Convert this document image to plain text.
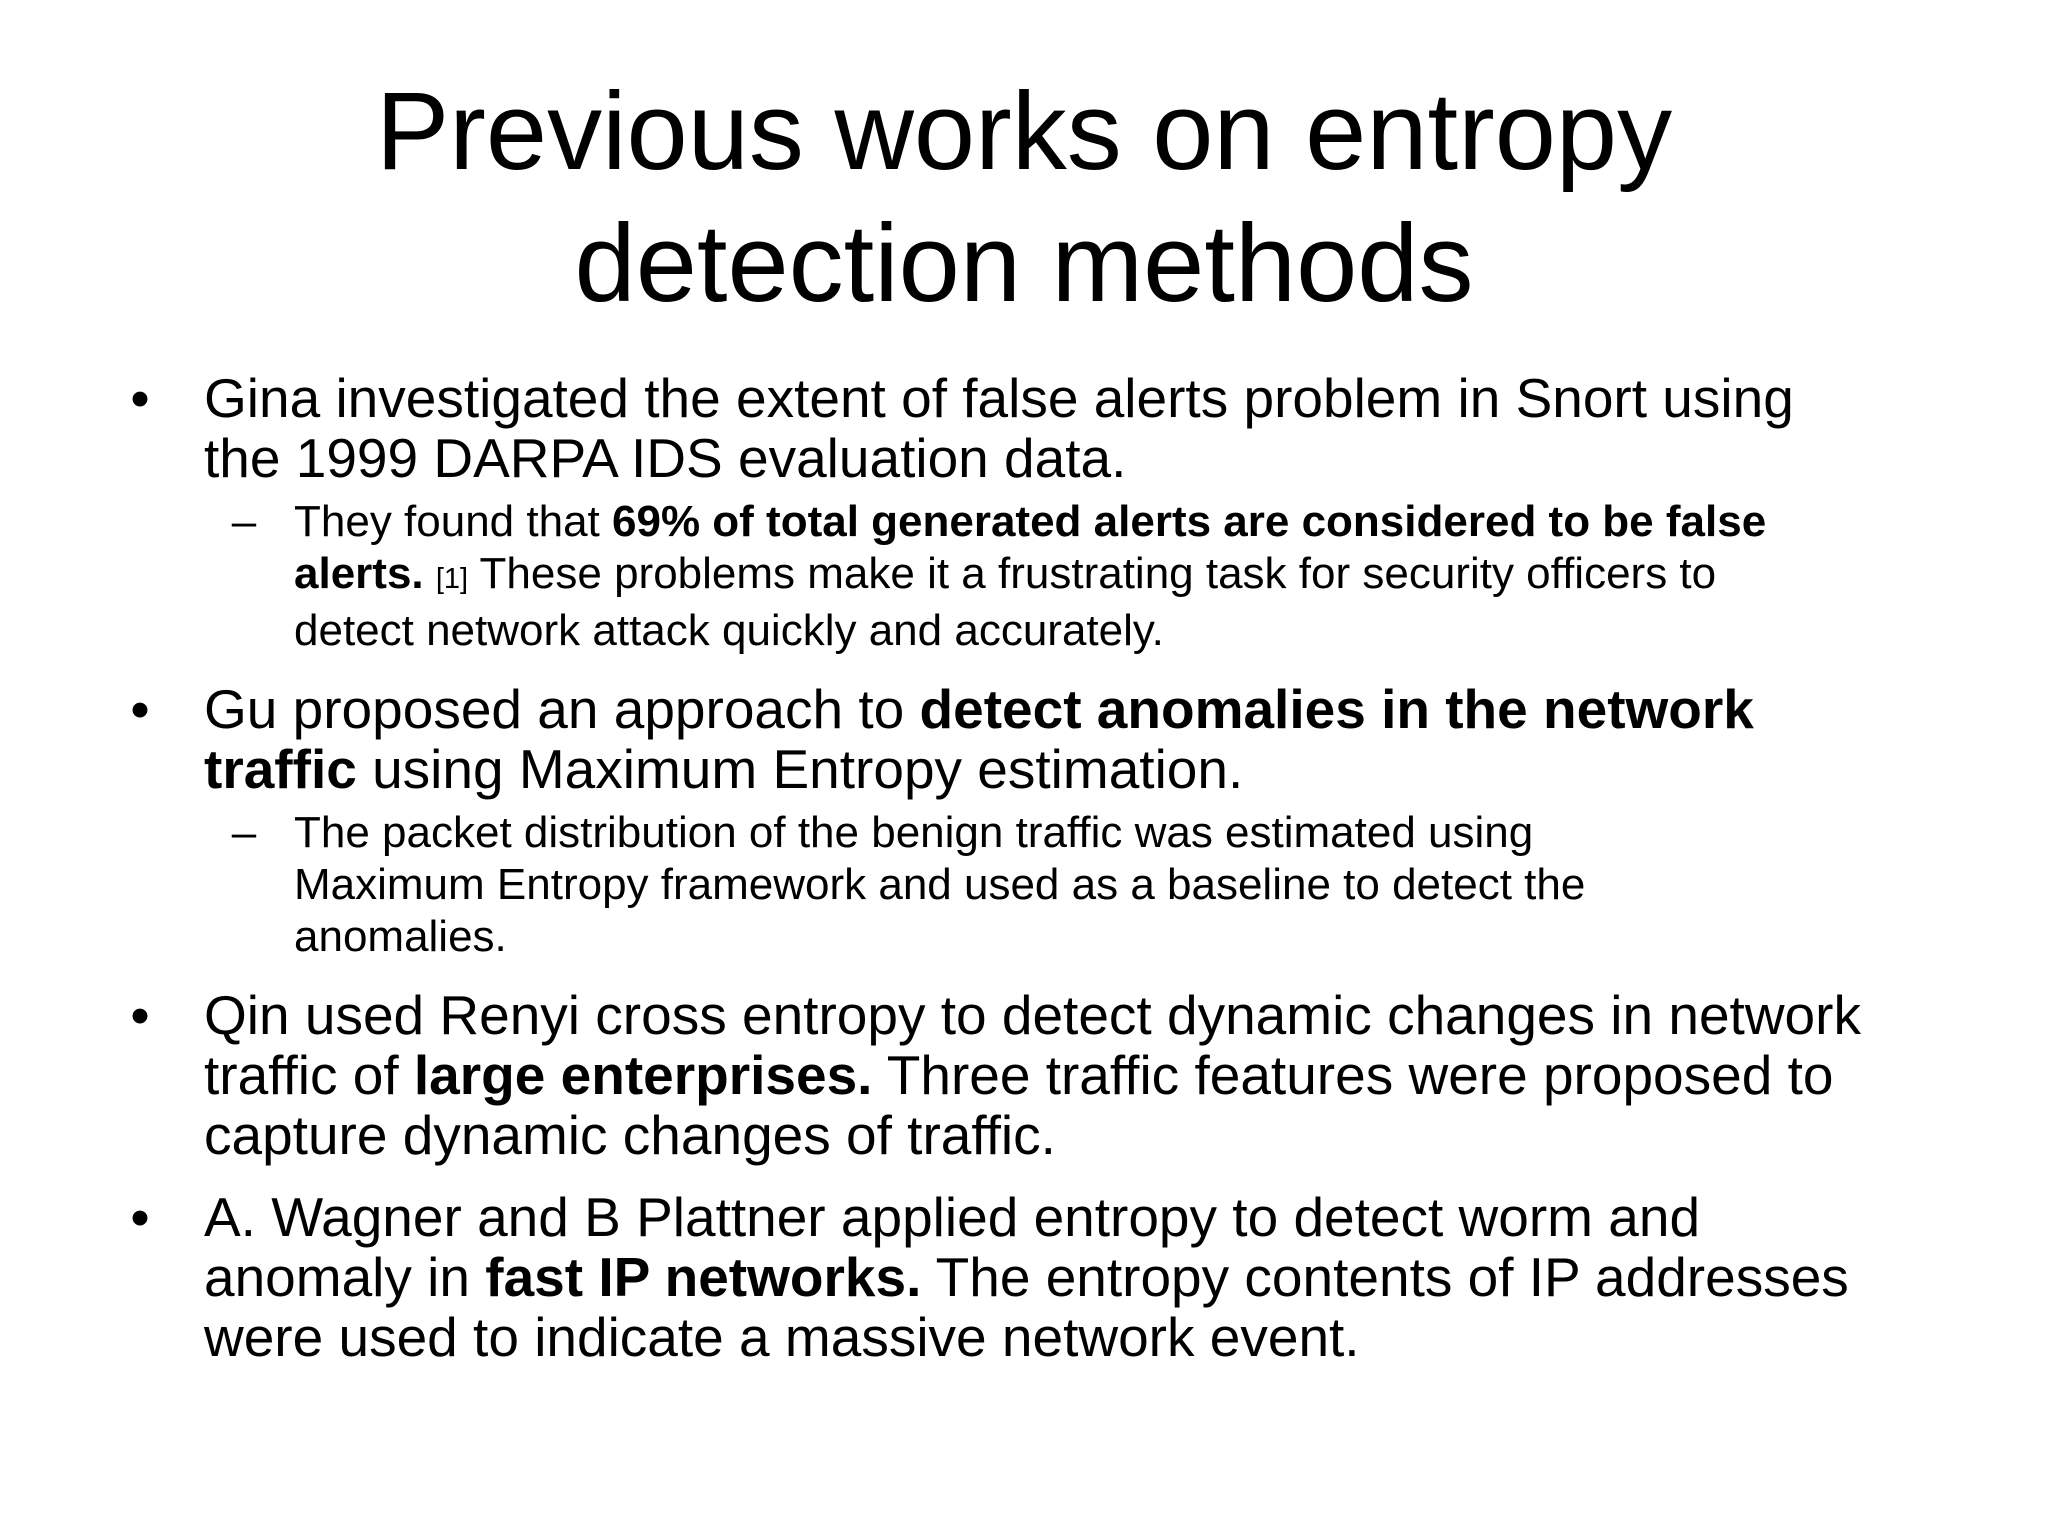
Previous works on entropy
detection methods
• Gina investigated the extent of false alerts problem in Snort using
the 1999 DARPA IDS evaluation data.
– They found that 69% of total generated alerts are considered to be false
alerts. [1] These problems make it a frustrating task for security officers to
detect network attack quickly and accurately.
• Gu proposed an approach to detect anomalies in the network
traffic using Maximum Entropy estimation.
– The packet distribution of the benign traffic was estimated using
Maximum Entropy framework and used as a baseline to detect the
anomalies.
• Qin used Renyi cross entropy to detect dynamic changes in network
traffic of large enterprises. Three traffic features were proposed to
capture dynamic changes of traffic.
• A. Wagner and B Plattner applied entropy to detect worm and
anomaly in fast IP networks. The entropy contents of IP addresses
were used to indicate a massive network event.
